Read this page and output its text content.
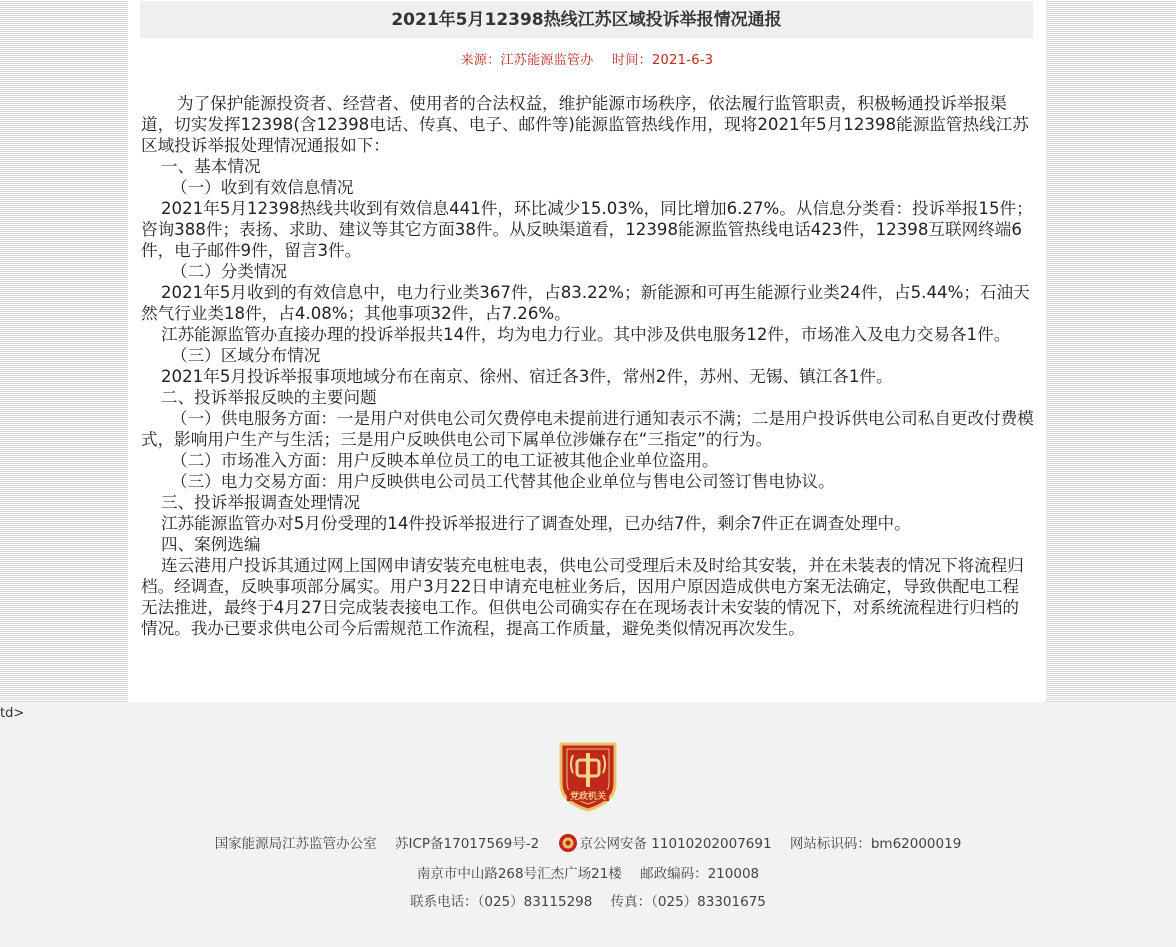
2021年5月12398热线江苏区域投诉举报情况通报
来源：江苏能源监管办 时间：2021-6-3

为了保护能源投资者、经营者、使用者的合法权益，维护能源市场秩序，依法履行监管职责，积极畅通投诉举报渠道，切实发挥12398(含12398电话、传真、电子、邮件等)能源监管热线作用，现将2021年5月12398能源监管热线江苏区域投诉举报处理情况通报如下：

一、基本情况

（一）收到有效信息情况

2021年5月12398热线共收到有效信息441件，环比减少15.03%，同比增加6.27%。从信息分类看：投诉举报15件；咨询388件；表扬、求助、建议等其它方面38件。从反映渠道看，12398能源监管热线电话423件，12398互联网终端6件，电子邮件9件，留言3件。

（二）分类情况

2021年5月收到的有效信息中，电力行业类367件，占83.22%；新能源和可再生能源行业类24件，占5.44%；石油天然气行业类18件，占4.08%；其他事项32件，占7.26%。

江苏能源监管办直接办理的投诉举报共14件，均为电力行业。其中涉及供电服务12件，市场准入及电力交易各1件。

（三）区域分布情况

2021年5月投诉举报事项地域分布在南京、徐州、宿迁各3件，常州2件，苏州、无锡、镇江各1件。

二、投诉举报反映的主要问题

（一）供电服务方面：一是用户对供电公司欠费停电未提前进行通知表示不满；二是用户投诉供电公司私自更改付费模式，影响用户生产与生活；三是用户反映供电公司下属单位涉嫌存在“三指定”的行为。

（二）市场准入方面：用户反映本单位员工的电工证被其他企业单位盗用。

（三）电力交易方面：用户反映供电公司员工代替其他企业单位与售电公司签订售电协议。

三、投诉举报调查处理情况

江苏能源监管办对5月份受理的14件投诉举报进行了调查处理，已办结7件，剩余7件正在调查处理中。

四、案例选编

连云港用户投诉其通过网上国网申请安装充电桩电表，供电公司受理后未及时给其安装，并在未装表的情况下将流程归档。经调查，反映事项部分属实。用户3月22日申请充电桩业务后，因用户原因造成供电方案无法确定，导致供配电工程无法推进，最终于4月27日完成装表接电工作。但供电公司确实存在在现场表计未安装的情况下，对系统流程进行归档的情况。我办已要求供电公司今后需规范工作流程，提高工作质量，避免类似情况再次发生。

td>
党政机关
国家能源局江苏监管办公室 苏ICP备17017569号-2	京公网安备 11010202007691 网站标识码：bm62000019
南京市中山路268号汇杰广场21楼 邮政编码：210008
联系电话：（025）83115298 传真：（025）83301675
